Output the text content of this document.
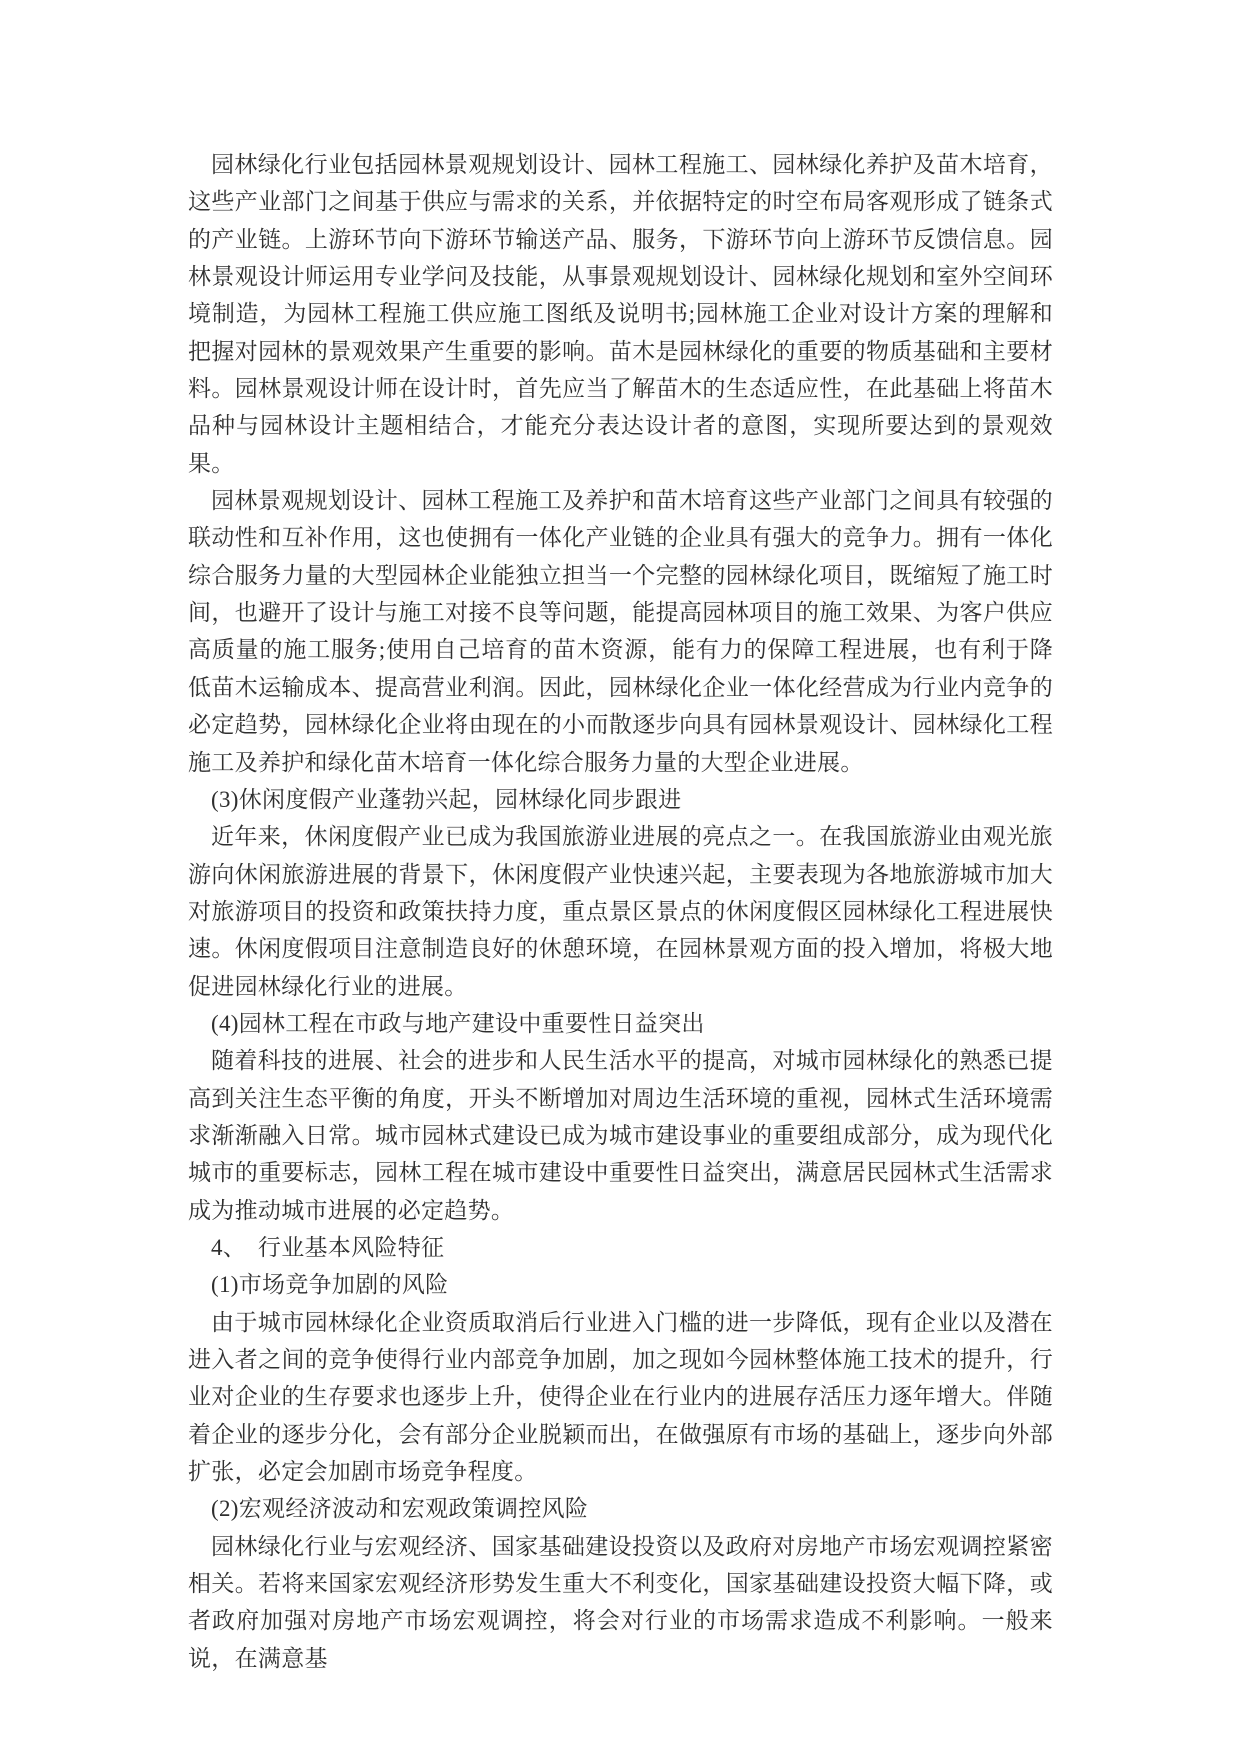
园林绿化行业包括园林景观规划设计、园林工程施工、园林绿化养护及苗木培育，这些产业部门之间基于供应与需求的关系，并依据特定的时空布局客观形成了链条式的产业链。上游环节向下游环节输送产品、服务，下游环节向上游环节反馈信息。园林景观设计师运用专业学问及技能，从事景观规划设计、园林绿化规划和室外空间环境制造，为园林工程施工供应施工图纸及说明书;园林施工企业对设计方案的理解和把握对园林的景观效果产生重要的影响。苗木是园林绿化的重要的物质基础和主要材料。园林景观设计师在设计时，首先应当了解苗木的生态适应性，在此基础上将苗木品种与园林设计主题相结合，才能充分表达设计者的意图，实现所要达到的景观效果。

园林景观规划设计、园林工程施工及养护和苗木培育这些产业部门之间具有较强的联动性和互补作用，这也使拥有一体化产业链的企业具有强大的竞争力。拥有一体化综合服务力量的大型园林企业能独立担当一个完整的园林绿化项目，既缩短了施工时间，也避开了设计与施工对接不良等问题，能提高园林项目的施工效果、为客户供应高质量的施工服务;使用自己培育的苗木资源，能有力的保障工程进展，也有利于降低苗木运输成本、提高营业利润。因此，园林绿化企业一体化经营成为行业内竞争的必定趋势，园林绿化企业将由现在的小而散逐步向具有园林景观设计、园林绿化工程施工及养护和绿化苗木培育一体化综合服务力量的大型企业进展。

(3)休闲度假产业蓬勃兴起，园林绿化同步跟进

近年来，休闲度假产业已成为我国旅游业进展的亮点之一。在我国旅游业由观光旅游向休闲旅游进展的背景下，休闲度假产业快速兴起，主要表现为各地旅游城市加大对旅游项目的投资和政策扶持力度，重点景区景点的休闲度假区园林绿化工程进展快速。休闲度假项目注意制造良好的休憩环境，在园林景观方面的投入增加，将极大地促进园林绿化行业的进展。

(4)园林工程在市政与地产建设中重要性日益突出

随着科技的进展、社会的进步和人民生活水平的提高，对城市园林绿化的熟悉已提高到关注生态平衡的角度，开头不断增加对周边生活环境的重视，园林式生活环境需求渐渐融入日常。城市园林式建设已成为城市建设事业的重要组成部分，成为现代化城市的重要标志，园林工程在城市建设中重要性日益突出，满意居民园林式生活需求成为推动城市进展的必定趋势。

4、　行业基本风险特征

(1)市场竞争加剧的风险

由于城市园林绿化企业资质取消后行业进入门槛的进一步降低，现有企业以及潜在进入者之间的竞争使得行业内部竞争加剧，加之现如今园林整体施工技术的提升，行业对企业的生存要求也逐步上升，使得企业在行业内的进展存活压力逐年增大。伴随着企业的逐步分化，会有部分企业脱颖而出，在做强原有市场的基础上，逐步向外部扩张，必定会加剧市场竞争程度。

(2)宏观经济波动和宏观政策调控风险

园林绿化行业与宏观经济、国家基础建设投资以及政府对房地产市场宏观调控紧密相关。若将来国家宏观经济形势发生重大不利变化，国家基础建设投资大幅下降，或者政府加强对房地产市场宏观调控，将会对行业的市场需求造成不利影响。一般来说，在满意基
